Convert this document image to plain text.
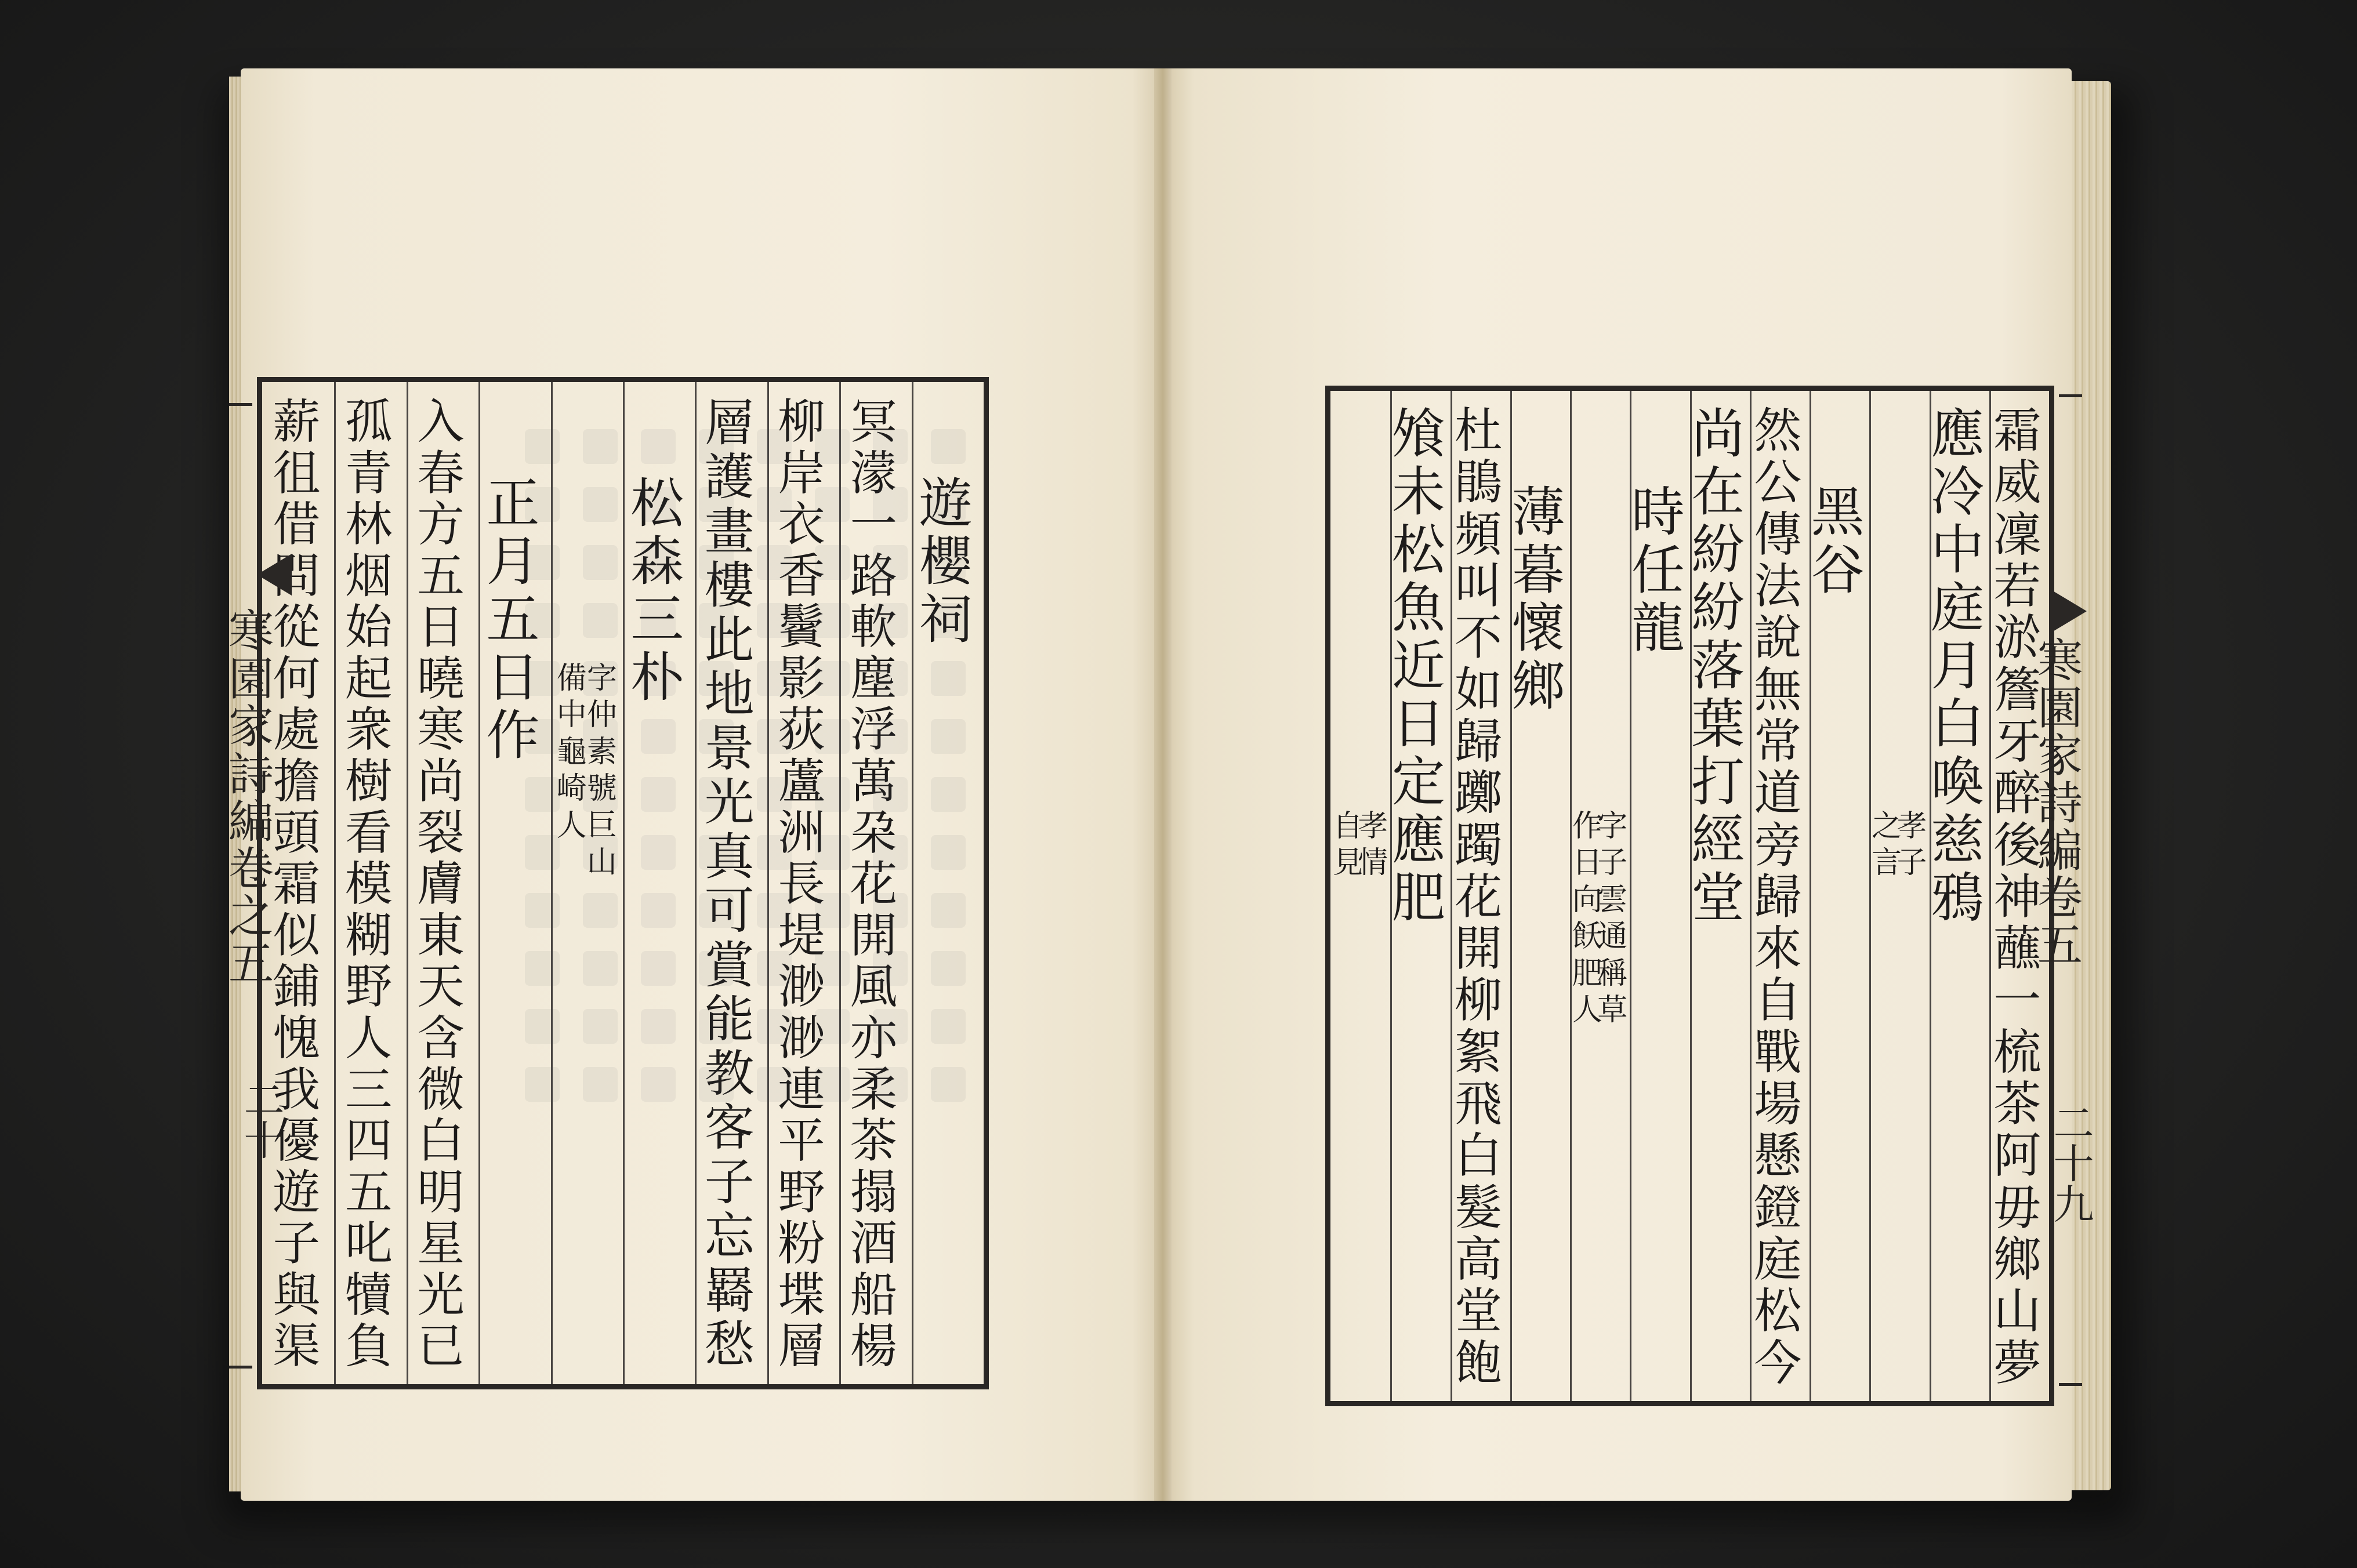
遊
櫻
祠
冥
濛
一
路
軟
塵
浮
萬
朶
花
開
風
亦
柔
茶
搨
酒
船
楊
柳
岸
衣
香
鬢
影
荻
蘆
洲
長
堤
渺
渺
連
平
野
粉
堞
層
層
護
畫
樓
此
地
景
光
真
可
賞
能
教
客
子
忘
羇
愁
松
森
三
朴
字
仲
素
號
巨
山
備
中
龜
崎
人
正
月
五
日
作
入
春
方
五
日
曉
寒
尚
裂
膚
東
天
含
微
白
明
星
光
已
孤
青
林
烟
始
起
衆
樹
看
模
糊
野
人
三
四
五
叱
犢
負
薪
徂
借
問
從
何
處
擔
頭
霜
似
鋪
愧
我
優
遊
子
與
渠
寒
園
家
詩
編
卷
之
五
二十
霜
威
凜
若
淤
簷
牙
醉
後
神
蘸
一
梳
茶
阿
毋
鄉
山
夢
應
冷
中
庭
月
白
喚
慈
鴉
孝
子
之
言
黑
谷
然
公
傳
法
說
無
常
道
旁
歸
來
自
戰
場
懸
鐙
庭
松
今
尚
在
紛
紛
落
葉
打
經
堂
時
任
龍
字
子
雲
通
稱
草
作
日
向
飫
肥
人
薄
暮
懷
鄉
杜
鵑
頻
叫
不
如
歸
躑
躅
花
開
柳
絮
飛
白
髮
高
堂
飽
飧
未
松
魚
近
日
定
應
肥
孝
情
自
見
寒
園
家
詩
編
卷
五
二十九
